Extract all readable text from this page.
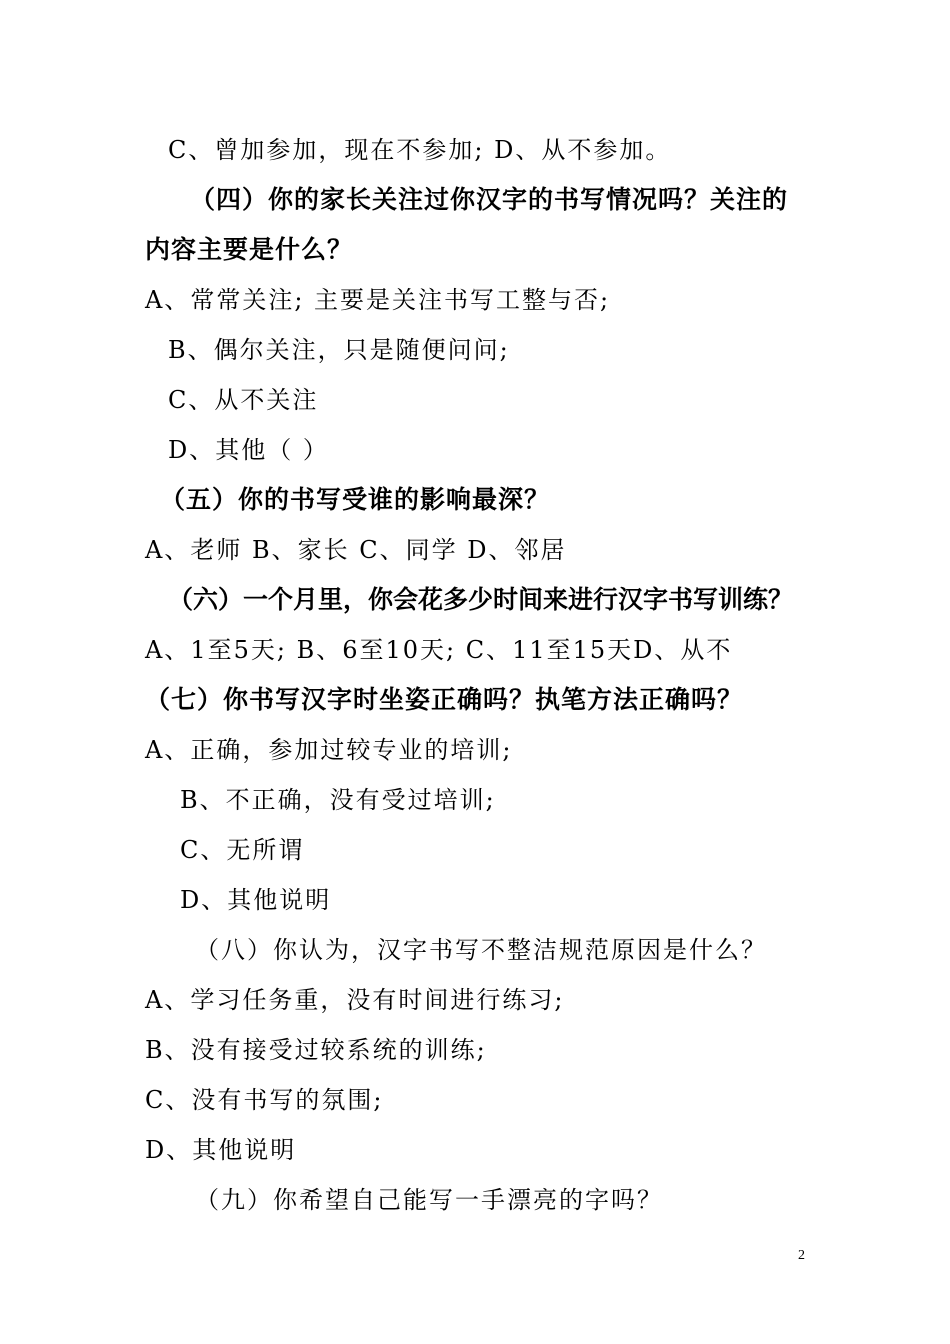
C、曾加参加，现在不参加; D、从不参加。
（四）你的家长关注过你汉字的书写情况吗？关注的
内容主要是什么？
A、常常关注; 主要是关注书写工整与否;
B、偶尔关注，只是随便问问;
C、从不关注
D、其他（ ）
（五）你的书写受谁的影响最深？
A、老师 B、家长 C、同学 D、邻居
（六）一个月里，你会花多少时间来进行汉字书写训练？
A、1至5天; B、6至10天; C、11至15天D、从不
（七）你书写汉字时坐姿正确吗？执笔方法正确吗？
A、正确，参加过较专业的培训;
B、不正确，没有受过培训;
C、无所谓
D、其他说明
（八）你认为，汉字书写不整洁规范原因是什么？
A、学习任务重，没有时间进行练习;
B、没有接受过较系统的训练;
C、没有书写的氛围;
D、其他说明
（九）你希望自己能写一手漂亮的字吗？
2
